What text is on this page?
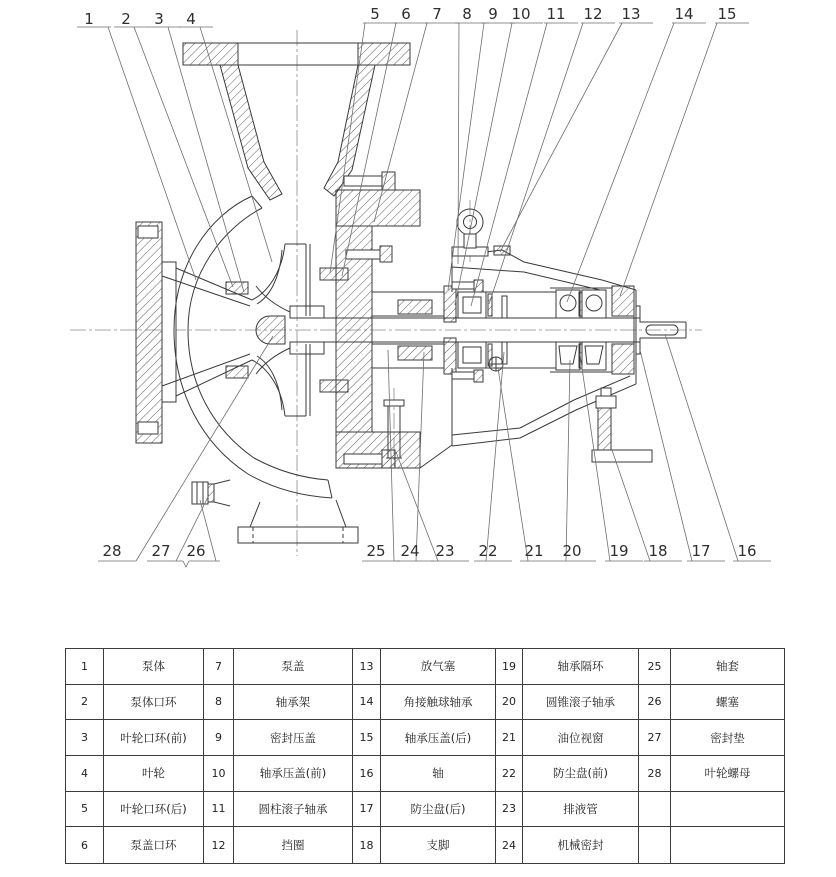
1 2 3 4	5 6 7 8 9 10 11 12 13 14 15
28 27 26	25 24 23 22 21 20 19 18 17 16
1	泵体	7	泵盖	13	放气塞	19	轴承隔环	25	轴套
2	泵体口环	8	轴承架	14	角接触球轴承	20	圆锥滚子轴承	26	螺塞
3	叶轮口环(前)	9	密封压盖	15	轴承压盖(后)	21	油位视窗	27	密封垫
4	叶轮	10	轴承压盖(前)	16	轴	22	防尘盘(前)	28	叶轮螺母
5	叶轮口环(后)	11	圆柱滚子轴承	17	防尘盘(后)	23	排液管
6	泵盖口环	12	挡圈	18	支脚	24	机械密封
